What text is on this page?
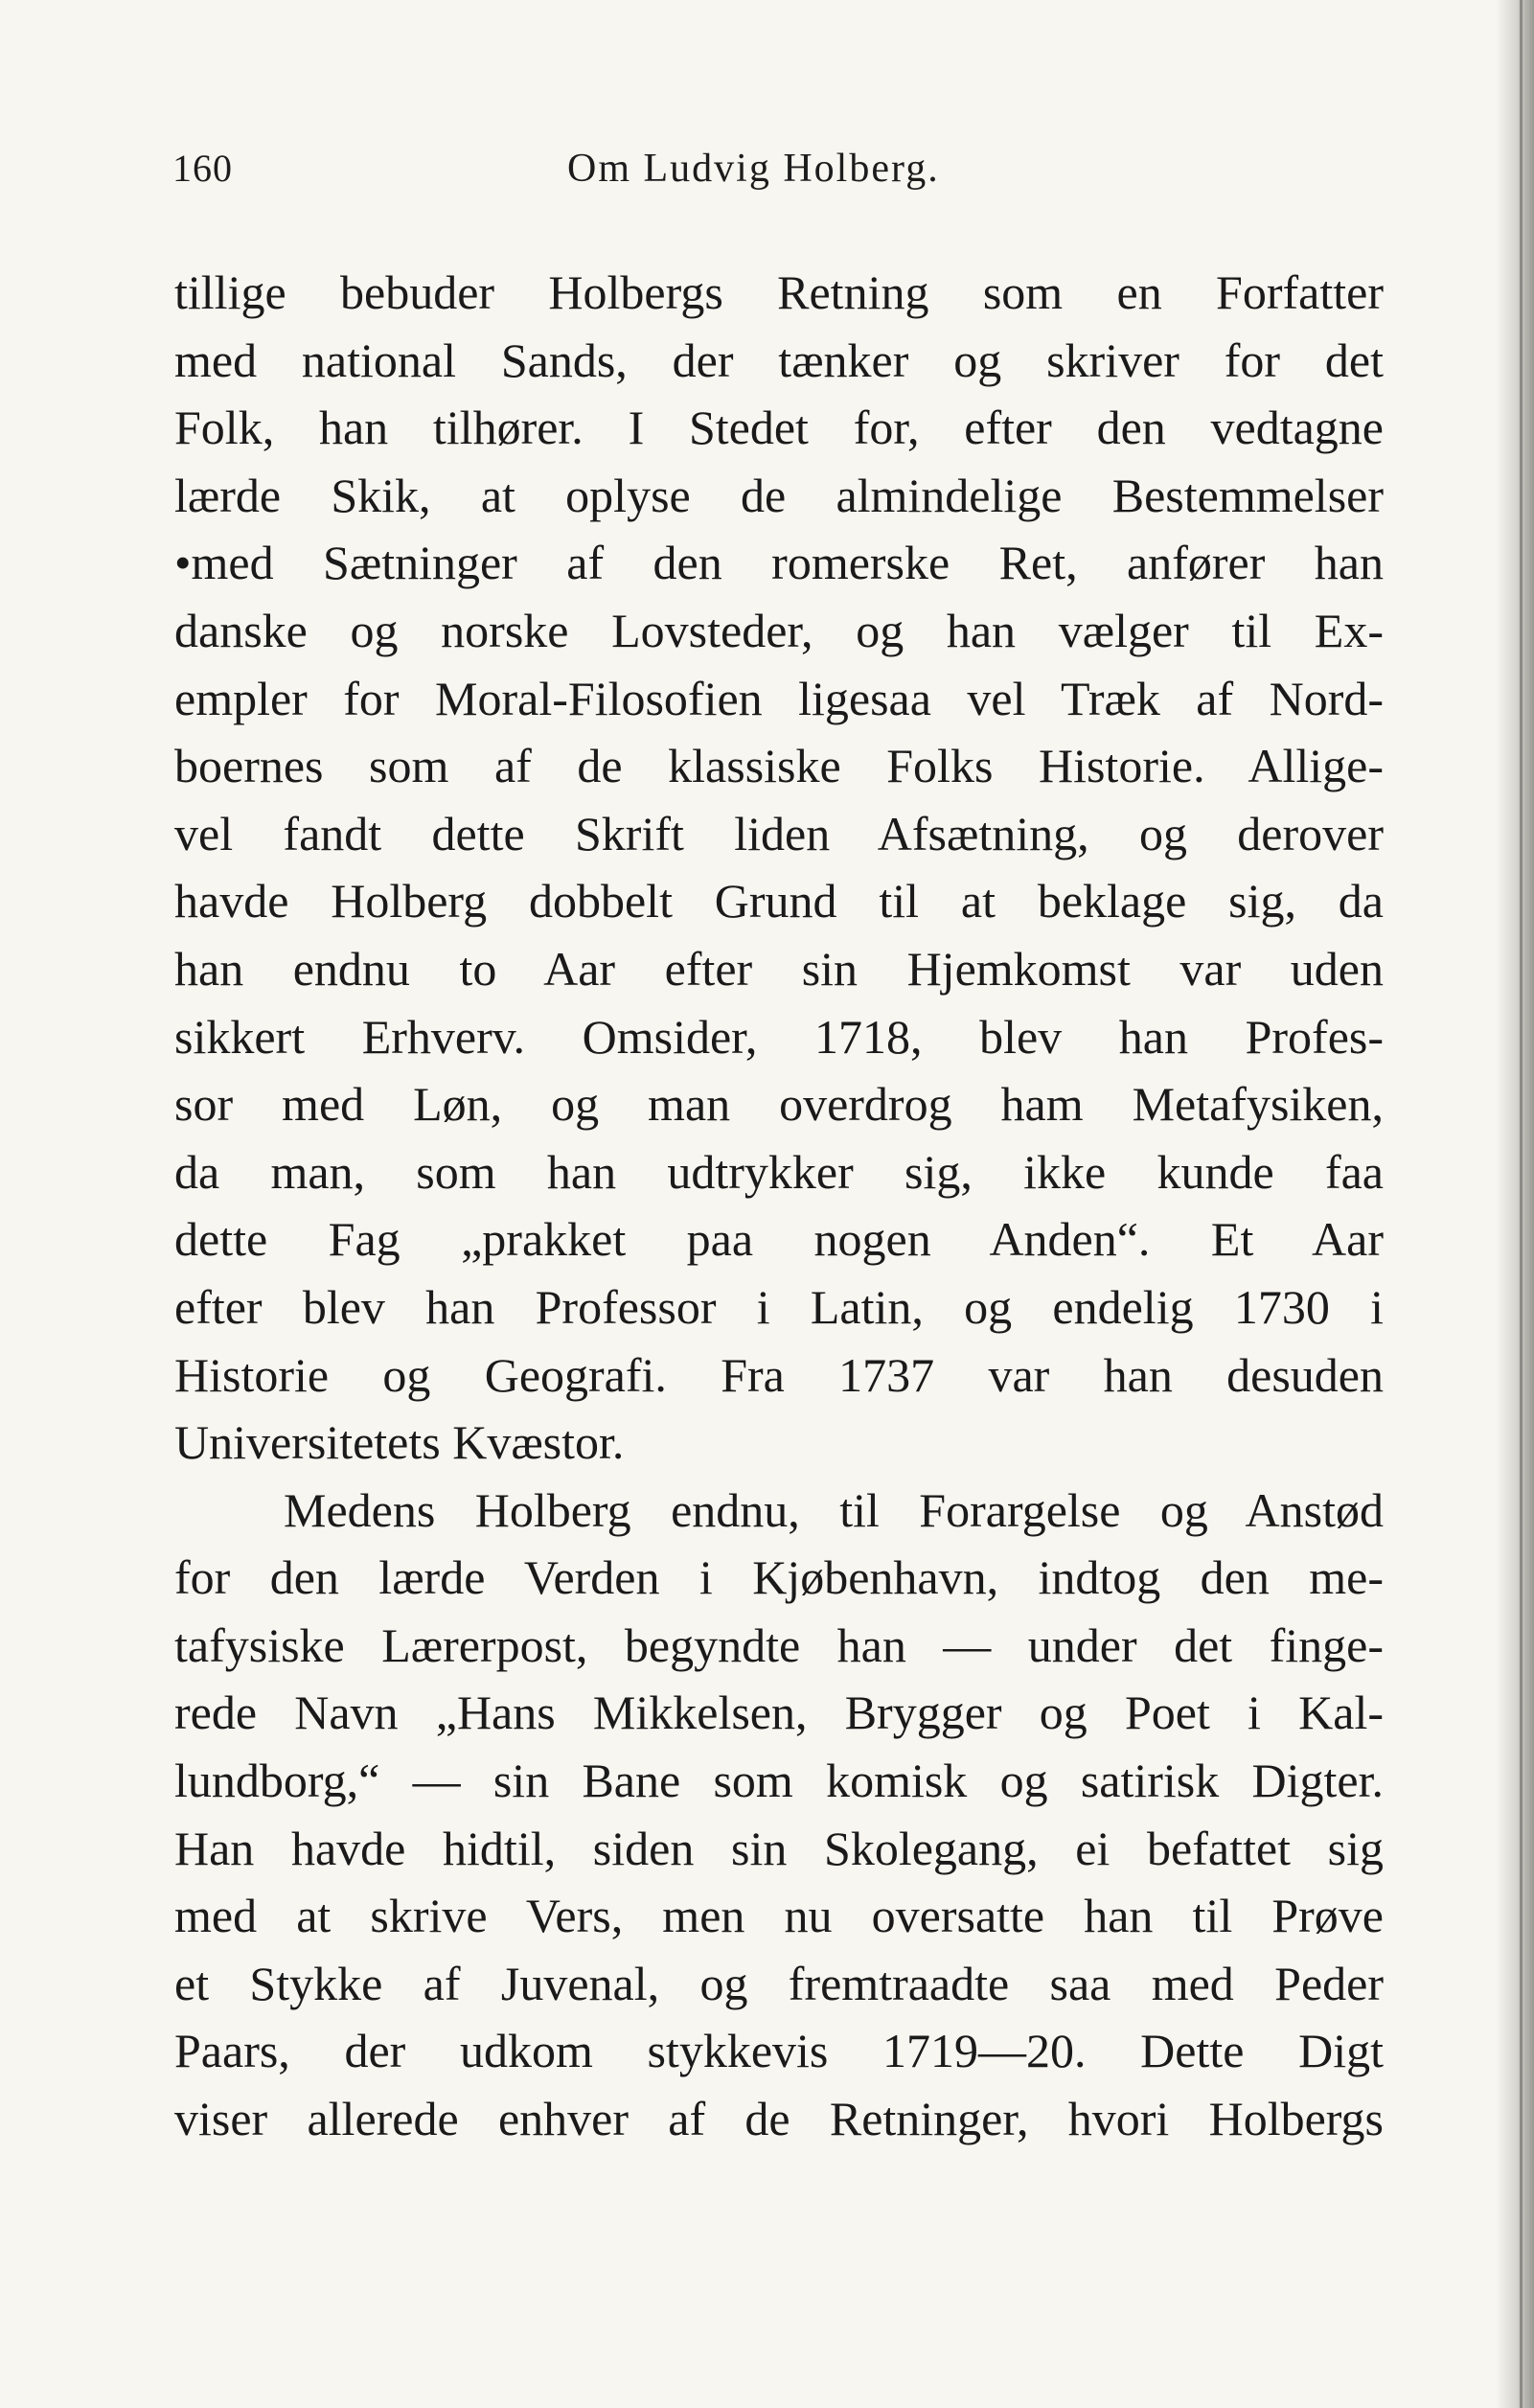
160	Om Ludvig Holberg.
tillige bebuder Holbergs Retning som en Forfatter
med national Sands, der tænker og skriver for det
Folk, han tilhører. I Stedet for, efter den vedtagne
lærde Skik, at oplyse de almindelige Bestemmelser
•med Sætninger af den romerske Ret, anfører han
danske og norske Lovsteder, og han vælger til Ex-
empler for Moral-Filosofien ligesaa vel Træk af Nord-
boernes som af de klassiske Folks Historie. Allige-
vel fandt dette Skrift liden Afsætning, og derover
havde Holberg dobbelt Grund til at beklage sig, da
han endnu to Aar efter sin Hjemkomst var uden
sikkert Erhverv. Omsider, 1718, blev han Profes-
sor med Løn, og man overdrog ham Metafysiken,
da man, som han udtrykker sig, ikke kunde faa
dette Fag „prakket paa nogen Anden“. Et Aar
efter blev han Professor i Latin, og endelig 1730 i
Historie og Geografi. Fra 1737 var han desuden
Universitetets Kvæstor.
Medens Holberg endnu, til Forargelse og Anstød
for den lærde Verden i Kjøbenhavn, indtog den me-
tafysiske Lærerpost, begyndte han — under det finge-
rede Navn „Hans Mikkelsen, Brygger og Poet i Kal-
lundborg,“ — sin Bane som komisk og satirisk Digter.
Han havde hidtil, siden sin Skolegang, ei befattet sig
med at skrive Vers, men nu oversatte han til Prøve
et Stykke af Juvenal, og fremtraadte saa med Peder
Paars, der udkom stykkevis 1719—20. Dette Digt
viser allerede enhver af de Retninger, hvori Holbergs
